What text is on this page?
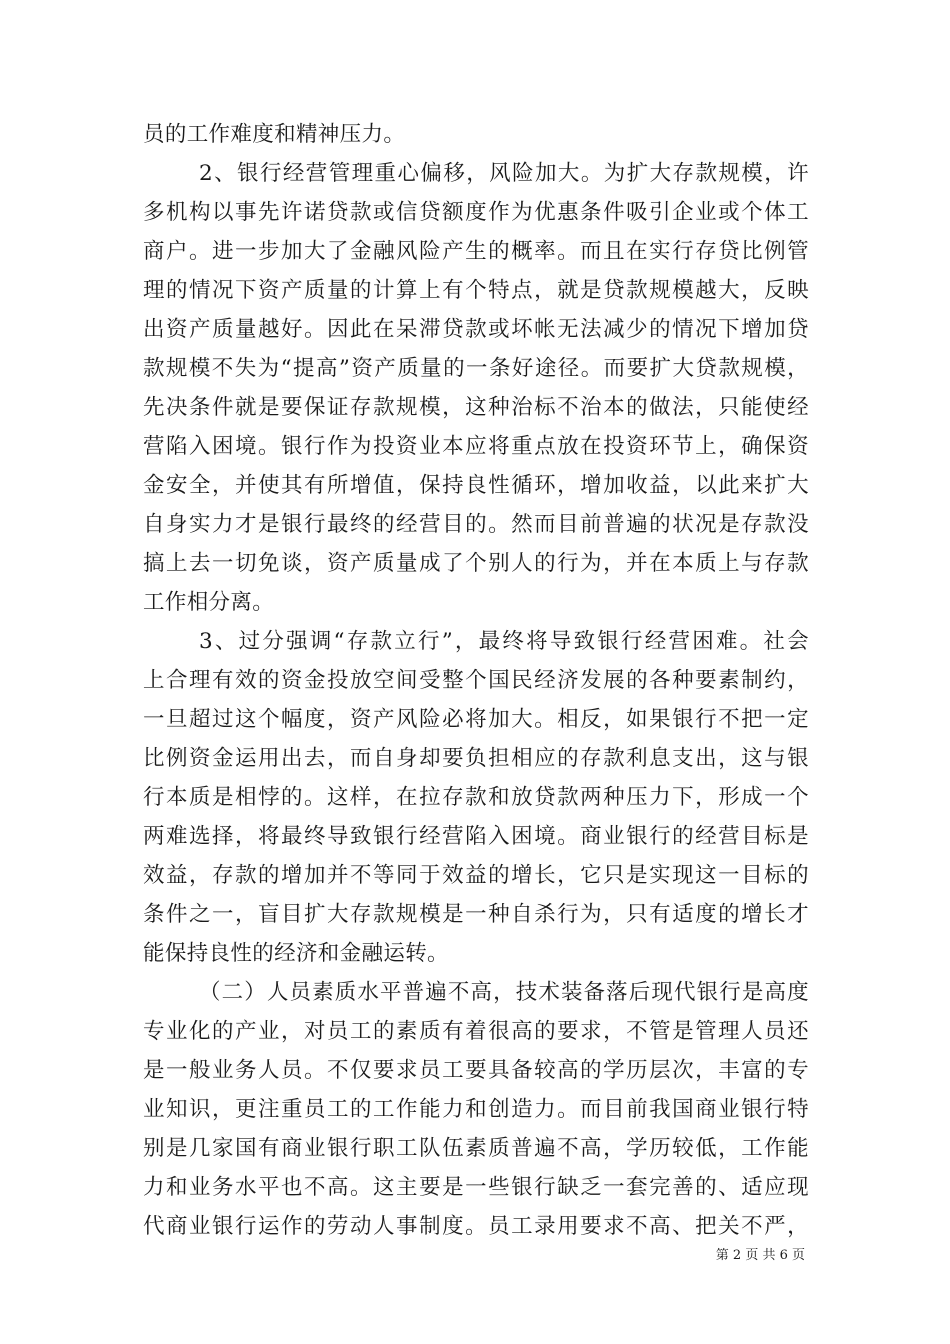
员的工作难度和精神压力。
2、银行经营管理重心偏移，风险加大。为扩大存款规模，许
多机构以事先许诺贷款或信贷额度作为优惠条件吸引企业或个体工
商户。进一步加大了金融风险产生的概率。而且在实行存贷比例管
理的情况下资产质量的计算上有个特点，就是贷款规模越大，反映
出资产质量越好。因此在呆滞贷款或坏帐无法减少的情况下增加贷
款规模不失为“提高”资产质量的一条好途径。而要扩大贷款规模，
先决条件就是要保证存款规模，这种治标不治本的做法，只能使经
营陷入困境。银行作为投资业本应将重点放在投资环节上，确保资
金安全，并使其有所增值，保持良性循环，增加收益，以此来扩大
自身实力才是银行最终的经营目的。然而目前普遍的状况是存款没
搞上去一切免谈，资产质量成了个别人的行为，并在本质上与存款
工作相分离。
3、过分强调“存款立行”，最终将导致银行经营困难。社会
上合理有效的资金投放空间受整个国民经济发展的各种要素制约，
一旦超过这个幅度，资产风险必将加大。相反，如果银行不把一定
比例资金运用出去，而自身却要负担相应的存款利息支出，这与银
行本质是相悖的。这样，在拉存款和放贷款两种压力下，形成一个
两难选择，将最终导致银行经营陷入困境。商业银行的经营目标是
效益，存款的增加并不等同于效益的增长，它只是实现这一目标的
条件之一，盲目扩大存款规模是一种自杀行为，只有适度的增长才
能保持良性的经济和金融运转。
（二）人员素质水平普遍不高，技术装备落后现代银行是高度
专业化的产业，对员工的素质有着很高的要求，不管是管理人员还
是一般业务人员。不仅要求员工要具备较高的学历层次，丰富的专
业知识，更注重员工的工作能力和创造力。而目前我国商业银行特
别是几家国有商业银行职工队伍素质普遍不高，学历较低，工作能
力和业务水平也不高。这主要是一些银行缺乏一套完善的、适应现
代商业银行运作的劳动人事制度。员工录用要求不高、把关不严，
第 2 页 共 6 页
